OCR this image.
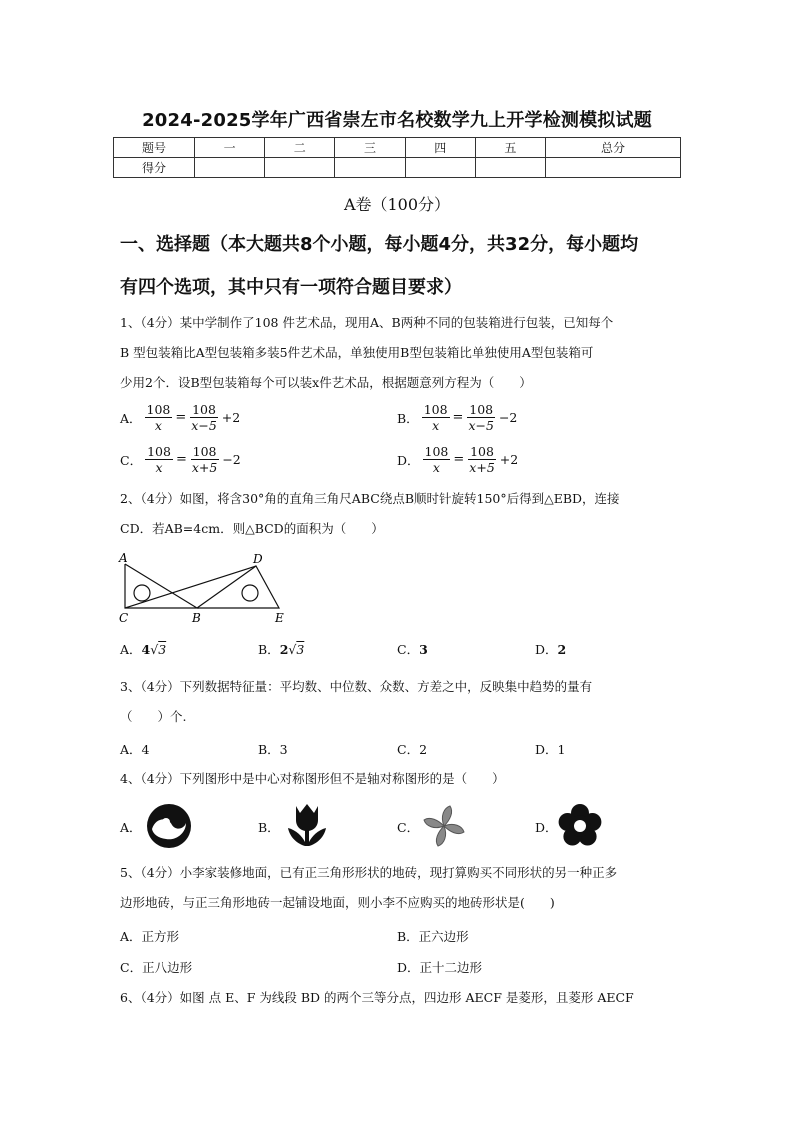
2024-2025学年广西省崇左市名校数学九上开学检测模拟试题
题号	一	二	三	四	五	总分
得分						
A卷（100分）
一、选择题（本大题共8个小题，每小题4分，共32分，每小题均
有四个选项，其中只有一项符合题目要求）
1、（4分）某中学制作了108 件艺术品，现用A、B两种不同的包装箱进行包装，已知每个
B 型包装箱比A型包装箱多装5件艺术品，单独使用B型包装箱比单独使用A型包装箱可
少用2个．设B型包装箱每个可以装x件艺术品，根据题意列方程为（　　）
A． $\frac{108}{x} = \frac{108}{x-5} +2$	B． $\frac{108}{x} = \frac{108}{x-5} -2$
C． $\frac{108}{x} = \frac{108}{x+5} -2$	D． $\frac{108}{x} = \frac{108}{x+5} +2$
2、（4分）如图，将含30°角的直角三角尺ABC绕点B顺时针旋转150°后得到△EBD，连接
CD．若AB=4cm．则△BCD的面积为（　　）
A
C	B
D
E
A．4√3	B．2√3	C．3	D．2
3、（4分）下列数据特征量：平均数、中位数、众数、方差之中，反映集中趋势的量有
（　　）个.
A．4	B．3	C．2	D．1
4、（4分）下列图形中是中心对称图形但不是轴对称图形的是（　　）
A．	B．	C．	D．
5、（4分）小李家装修地面，已有正三角形形状的地砖，现打算购买不同形状的另一种正多
边形地砖，与正三角形地砖一起铺设地面，则小李不应购买的地砖形状是(　　)
A．正方形	B．正六边形
C．正八边形	D．正十二边形
6、（4分）如图 点 E、F 为线段 BD 的两个三等分点，四边形 AECF 是菱形，且菱形 AECF
